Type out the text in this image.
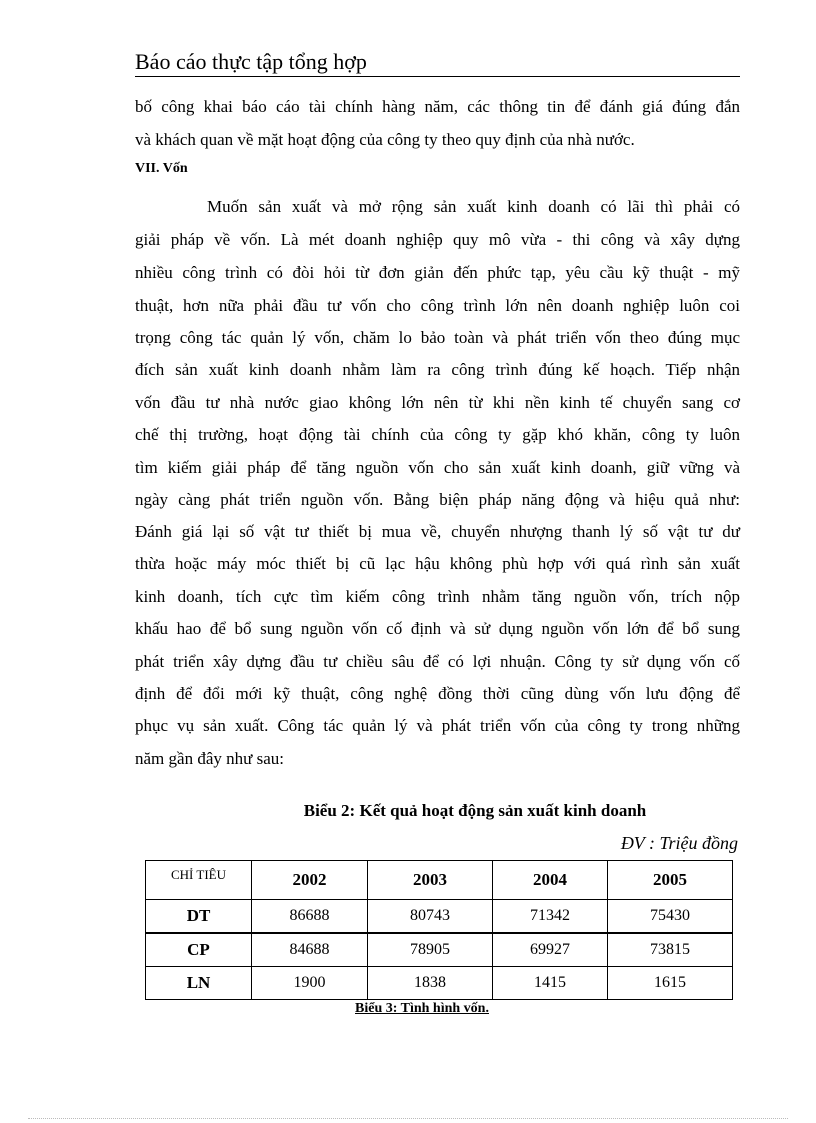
Báo cáo thực tập tổng hợp
bố công khai báo cáo tài chính hàng năm, các thông tin để đánh giá đúng đắn
và khách quan về mặt hoạt động của công ty theo quy định của nhà nước.
VII. Vốn
Muốn sản xuất và mở rộng sản xuất kinh doanh có lãi thì phải có
giải pháp về vốn. Là mét doanh nghiệp quy mô vừa - thi công và xây dựng
nhiều công trình có đòi hỏi từ đơn giản đến phức tạp, yêu cầu kỹ thuật - mỹ
thuật, hơn nữa phải đầu tư vốn cho công trình lớn nên doanh nghiệp luôn coi
trọng công tác quản lý vốn, chăm lo bảo toàn và phát triển vốn theo đúng mục
đích sản xuất kinh doanh nhằm làm ra công trình đúng kế hoạch. Tiếp nhận
vốn đầu tư nhà nước giao không lớn nên từ khi nền kinh tế chuyển sang cơ
chế thị trường, hoạt động tài chính của công ty gặp khó khăn, công ty luôn
tìm kiếm giải pháp để tăng nguồn vốn cho sản xuất kinh doanh, giữ vững và
ngày càng phát triển nguồn vốn. Bằng biện pháp năng động và hiệu quả như:
Đánh giá lại số vật tư thiết bị mua về, chuyển nhượng thanh lý số vật tư dư
thừa hoặc máy móc thiết bị cũ lạc hậu không phù hợp với quá rình sản xuất
kinh doanh, tích cực tìm kiếm công trình nhằm tăng nguồn vốn, trích nộp
khấu hao để bổ sung nguồn vốn cố định và sử dụng nguồn vốn lớn để bổ sung
phát triển xây dựng đầu tư chiều sâu để có lợi nhuận. Công ty sử dụng vốn cố
định để đổi mới kỹ thuật, công nghệ đồng thời cũng dùng vốn lưu động để
phục vụ sản xuất. Công tác quản lý và phát triển vốn của công ty trong những
năm gần đây như sau:
Biểu 2: Kết quả hoạt động sản xuất kinh doanh
ĐV : Triệu đồng
CHỈ TIÊU	2002	2003	2004	2005
DT	86688	80743	71342	75430
CP	84688	78905	69927	73815
LN	1900	1838	1415	1615
Biểu 3: Tình hình vốn.
